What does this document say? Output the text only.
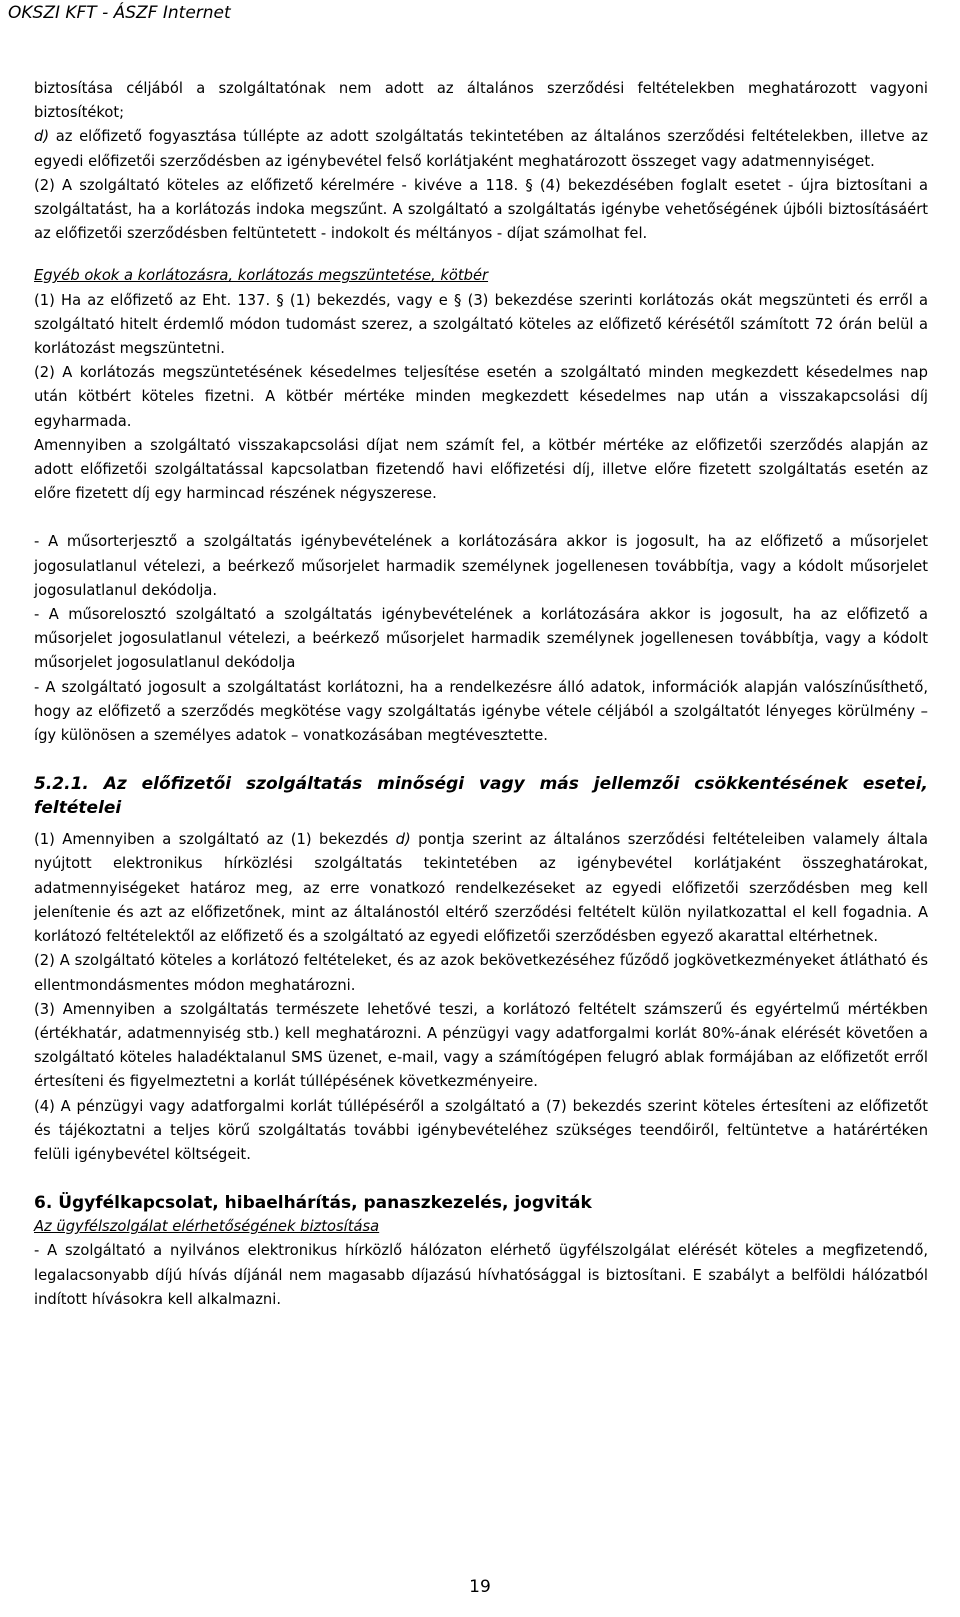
OKSZI KFT - ÁSZF Internet

biztosítása céljából a szolgáltatónak nem adott az általános szerződési feltételekben meghatározott vagyoni biztosítékot;

d) az előfizető fogyasztása túllépte az adott szolgáltatás tekintetében az általános szerződési feltételekben, illetve az egyedi előfizetői szerződésben az igénybevétel felső korlátjaként meghatározott összeget vagy adatmennyiséget.

(2) A szolgáltató köteles az előfizető kérelmére - kivéve a 118. § (4) bekezdésében foglalt esetet - újra biztosítani a szolgáltatást, ha a korlátozás indoka megszűnt. A szolgáltató a szolgáltatás igénybe vehetőségének újbóli biztosításáért az előfizetői szerződésben feltüntetett - indokolt és méltányos - díjat számolhat fel.

Egyéb okok a korlátozásra, korlátozás megszüntetése, kötbér

(1) Ha az előfizető az Eht. 137. § (1) bekezdés, vagy e § (3) bekezdése szerinti korlátozás okát megszünteti és erről a szolgáltató hitelt érdemlő módon tudomást szerez, a szolgáltató köteles az előfizető kérésétől számított 72 órán belül a korlátozást megszüntetni.

(2) A korlátozás megszüntetésének késedelmes teljesítése esetén a szolgáltató minden megkezdett késedelmes nap után kötbért köteles fizetni. A kötbér mértéke minden megkezdett késedelmes nap után a visszakapcsolási díj egyharmada.

Amennyiben a szolgáltató visszakapcsolási díjat nem számít fel, a kötbér mértéke az előfizetői szerződés alapján az adott előfizetői szolgáltatással kapcsolatban fizetendő havi előfizetési díj, illetve előre fizetett szolgáltatás esetén az előre fizetett díj egy harmincad részének négyszerese.

- A műsorterjesztő a szolgáltatás igénybevételének a korlátozására akkor is jogosult, ha az előfizető a műsorjelet jogosulatlanul vételezi, a beérkező műsorjelet harmadik személynek jogellenesen továbbítja, vagy a kódolt műsorjelet jogosulatlanul dekódolja.

- A műsorelosztó szolgáltató a szolgáltatás igénybevételének a korlátozására akkor is jogosult, ha az előfizető a műsorjelet jogosulatlanul vételezi, a beérkező műsorjelet harmadik személynek jogellenesen továbbítja, vagy a kódolt műsorjelet jogosulatlanul dekódolja

- A szolgáltató jogosult a szolgáltatást korlátozni, ha a rendelkezésre álló adatok, információk alapján valószínűsíthető, hogy az előfizető a szerződés megkötése vagy szolgáltatás igénybe vétele céljából a szolgáltatót lényeges körülmény – így különösen a személyes adatok – vonatkozásában megtévesztette.

5.2.1. Az előfizetői szolgáltatás minőségi vagy más jellemzői csökkentésének esetei, feltételei

(1) Amennyiben a szolgáltató az (1) bekezdés d) pontja szerint az általános szerződési feltételeiben valamely általa nyújtott elektronikus hírközlési szolgáltatás tekintetében az igénybevétel korlátjaként összeghatárokat, adatmennyiségeket határoz meg, az erre vonatkozó rendelkezéseket az egyedi előfizetői szerződésben meg kell jelenítenie és azt az előfizetőnek, mint az általánostól eltérő szerződési feltételt külön nyilatkozattal el kell fogadnia. A korlátozó feltételektől az előfizető és a szolgáltató az egyedi előfizetői szerződésben egyező akarattal eltérhetnek.

(2) A szolgáltató köteles a korlátozó feltételeket, és az azok bekövetkezéséhez fűződő jogkövetkezményeket átlátható és ellentmondásmentes módon meghatározni.

(3) Amennyiben a szolgáltatás természete lehetővé teszi, a korlátozó feltételt számszerű és egyértelmű mértékben (értékhatár, adatmennyiség stb.) kell meghatározni. A pénzügyi vagy adatforgalmi korlát 80%-ának elérését követően a szolgáltató köteles haladéktalanul SMS üzenet, e-mail, vagy a számítógépen felugró ablak formájában az előfizetőt erről értesíteni és figyelmeztetni a korlát túllépésének következményeire.

(4) A pénzügyi vagy adatforgalmi korlát túllépéséről a szolgáltató a (7) bekezdés szerint köteles értesíteni az előfizetőt és tájékoztatni a teljes körű szolgáltatás további igénybevételéhez szükséges teendőiről, feltüntetve a határértéken felüli igénybevétel költségeit.

6. Ügyfélkapcsolat, hibaelhárítás, panaszkezelés, jogviták

Az ügyfélszolgálat elérhetőségének biztosítása

- A szolgáltató a nyilvános elektronikus hírközlő hálózaton elérhető ügyfélszolgálat elérését köteles a megfizetendő, legalacsonyabb díjú hívás díjánál nem magasabb díjazású hívhatósággal is biztosítani. E szabályt a belföldi hálózatból indított hívásokra kell alkalmazni.

19
